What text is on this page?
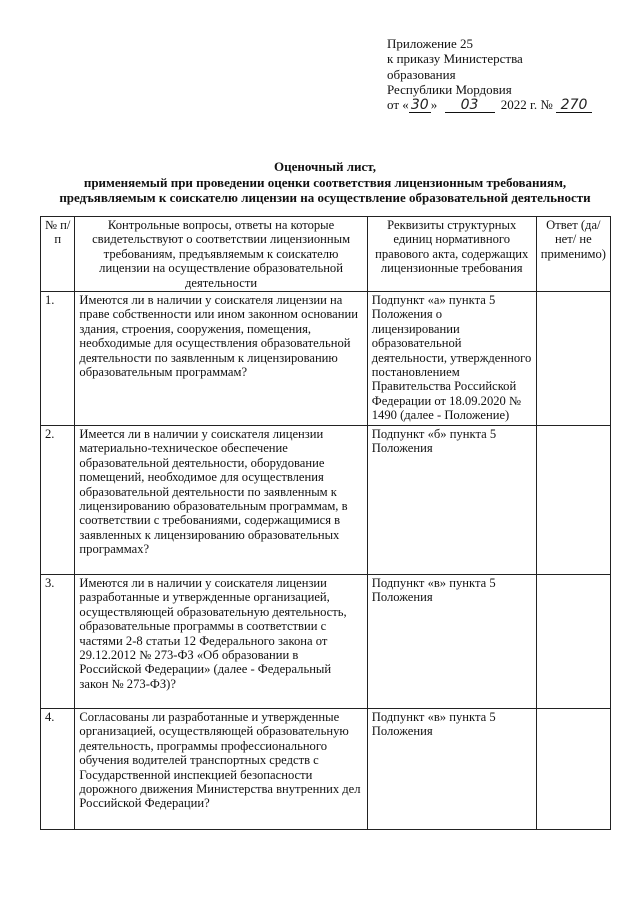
Приложение 25
к приказу Министерства
образования
Республики Мордовия
от « 30 » 03 2022 г. № 270
Оценочный лист,
применяемый при проведении оценки соответствия лицензионным требованиям,
предъявляемым к соискателю лицензии на осуществление образовательной деятельности
№ п/п	Контрольные вопросы, ответы на которые свидетельствуют о соответствии лицензионным требованиям, предъявляемым к соискателю лицензии на осуществление образовательной деятельности	Реквизиты структурных единиц нормативного правового акта, содержащих лицензионные требования	Ответ (да/нет/ не применимо)
1.	Имеются ли в наличии у соискателя лицензии на праве собственности или ином законном основании здания, строения, сооружения, помещения, необходимые для осуществления образовательной деятельности по заявленным к лицензированию образовательным программам?	Подпункт «а» пункта 5 Положения о лицензировании образовательной деятельности, утвержденного постановлением Правительства Российской Федерации от 18.09.2020 № 1490 (далее - Положение)	
2.	Имеется ли в наличии у соискателя лицензии материально-техническое обеспечение образовательной деятельности, оборудование помещений, необходимое для осуществления образовательной деятельности по заявленным к лицензированию образовательным программам, в соответствии с требованиями, содержащимися в заявленных к лицензированию образовательных программах?	Подпункт «б» пункта 5 Положения	
3.	Имеются ли в наличии у соискателя лицензии разработанные и утвержденные организацией, осуществляющей образовательную деятельность, образовательные программы в соответствии с частями 2-8 статьи 12 Федерального закона от 29.12.2012 № 273-ФЗ «Об образовании в Российской Федерации» (далее - Федеральный закон № 273-ФЗ)?	Подпункт «в» пункта 5 Положения	
4.	Согласованы ли разработанные и утвержденные организацией, осуществляющей образовательную деятельность, программы профессионального обучения водителей транспортных средств с Государственной инспекцией безопасности дорожного движения Министерства внутренних дел Российской Федерации?	Подпункт «в» пункта 5 Положения	
